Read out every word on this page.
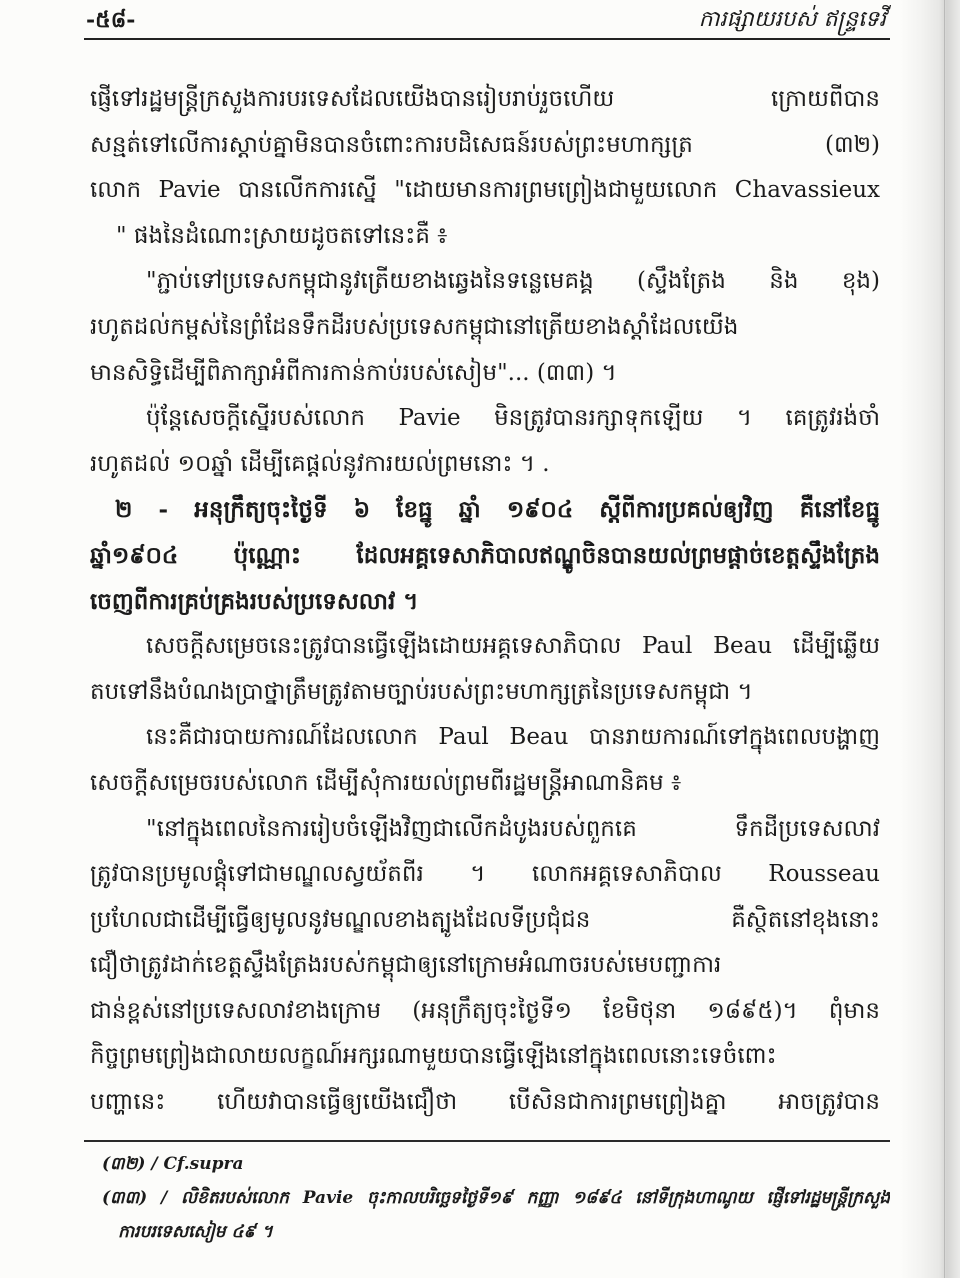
-៥៨-	ការផ្សាយរបស់ ឥន្ទ្រទេវី
ផ្ញើទៅរដ្ឋមន្ត្រីក្រសួងការបរទេសដែលយើងបានរៀបរាប់រួចហើយ ក្រោយពីបាន
សន្មត់ទៅលើការស្តាប់គ្នាមិនបានចំពោះការបដិសេធន៍របស់ព្រះមហាក្សត្រ (៣២)
លោក Pavie បានលើកការស្នើ "ដោយមានការព្រមព្រៀងជាមួយលោក Chavassieux
" ផងនៃដំណោះស្រាយដូចតទៅនេះគឺ ៖
"ភ្ជាប់ទៅប្រទេសកម្ពុជានូវត្រើយខាងឆ្វេងនៃទន្លេមេគង្គ (ស្ទឹងត្រែង និង ខុង)
រហូតដល់កម្ពស់នៃព្រំដែនទឹកដីរបស់ប្រទេសកម្ពុជានៅត្រើយខាងស្តាំដែលយើង
មានសិទ្ធិដើម្បីពិភាក្សាអំពីការកាន់កាប់របស់សៀម"... (៣៣) ។
ប៉ុន្តែសេចក្តីស្នើរបស់លោក Pavie មិនត្រូវបានរក្សាទុកឡើយ ។ គេត្រូវរង់ចាំ
រហូតដល់ ១០ឆ្នាំ ដើម្បីគេផ្តល់នូវការយល់ព្រមនោះ ។ .
២ - អនុក្រឹត្យចុះថ្ងៃទី ៦ ខែធ្នូ ឆ្នាំ ១៩០៤ ស្តីពីការប្រគល់ឲ្យវិញ គឺនៅខែធ្នូ
ឆ្នាំ១៩០៤ ប៉ុណ្ណោះ ដែលអគ្គទេសាភិបាលឥណ្ឌូចិនបានយល់ព្រមផ្តាច់ខេត្តស្ទឹងត្រែង
ចេញពីការគ្រប់គ្រងរបស់ប្រទេសលាវ ។
សេចក្តីសម្រេចនេះត្រូវបានធ្វើឡើងដោយអគ្គទេសាភិបាល Paul Beau ដើម្បីឆ្លើយ
តបទៅនឹងបំណងប្រាថ្នាត្រឹមត្រូវតាមច្បាប់របស់ព្រះមហាក្សត្រនៃប្រទេសកម្ពុជា ។
នេះគឺជារបាយការណ៍ដែលលោក Paul Beau បានរាយការណ៍ទៅក្នុងពេលបង្ហាញ
សេចក្តីសម្រេចរបស់លោក ដើម្បីសុំការយល់ព្រមពីរដ្ឋមន្ត្រីអាណានិគម ៖
"នៅក្នុងពេលនៃការរៀបចំឡើងវិញជាលើកដំបូងរបស់ពួកគេ ទឹកដីប្រទេសលាវ
ត្រូវបានប្រមូលផ្តុំទៅជាមណ្ឌលស្វយ័តពីរ ។ លោកអគ្គទេសាភិបាល Rousseau
ប្រហែលជាដើម្បីធ្វើឲ្យមូលនូវមណ្ឌលខាងត្បូងដែលទីប្រជុំជន គឺស្ថិតនៅខុងនោះ
ជឿថាត្រូវដាក់ខេត្តស្ទឹងត្រែងរបស់កម្ពុជាឲ្យនៅក្រោមអំណាចរបស់មេបញ្ជាការ
ជាន់ខ្ពស់នៅប្រទេសលាវខាងក្រោម (អនុក្រឹត្យចុះថ្ងៃទី១ ខែមិថុនា ១៨៩៥)។ ពុំមាន
កិច្ចព្រមព្រៀងជាលាយលក្ខណ៍អក្សរណាមួយបានធ្វើឡើងនៅក្នុងពេលនោះទេចំពោះ
បញ្ហានេះ ហើយវាបានធ្វើឲ្យយើងជឿថា បើសិនជាការព្រមព្រៀងគ្នា អាចត្រូវបាន
(៣២) / Cf.supra
(៣៣) / លិខិតរបស់លោក Pavie ចុះកាលបរិច្ឆេទថ្ងៃទី១៩ កញ្ញា ១៨៩៤ នៅទីក្រុងហាណូយ ផ្ញើទៅរដ្ឋមន្ត្រីក្រសួង
ការបរទេសសៀម ៤៩ ។
